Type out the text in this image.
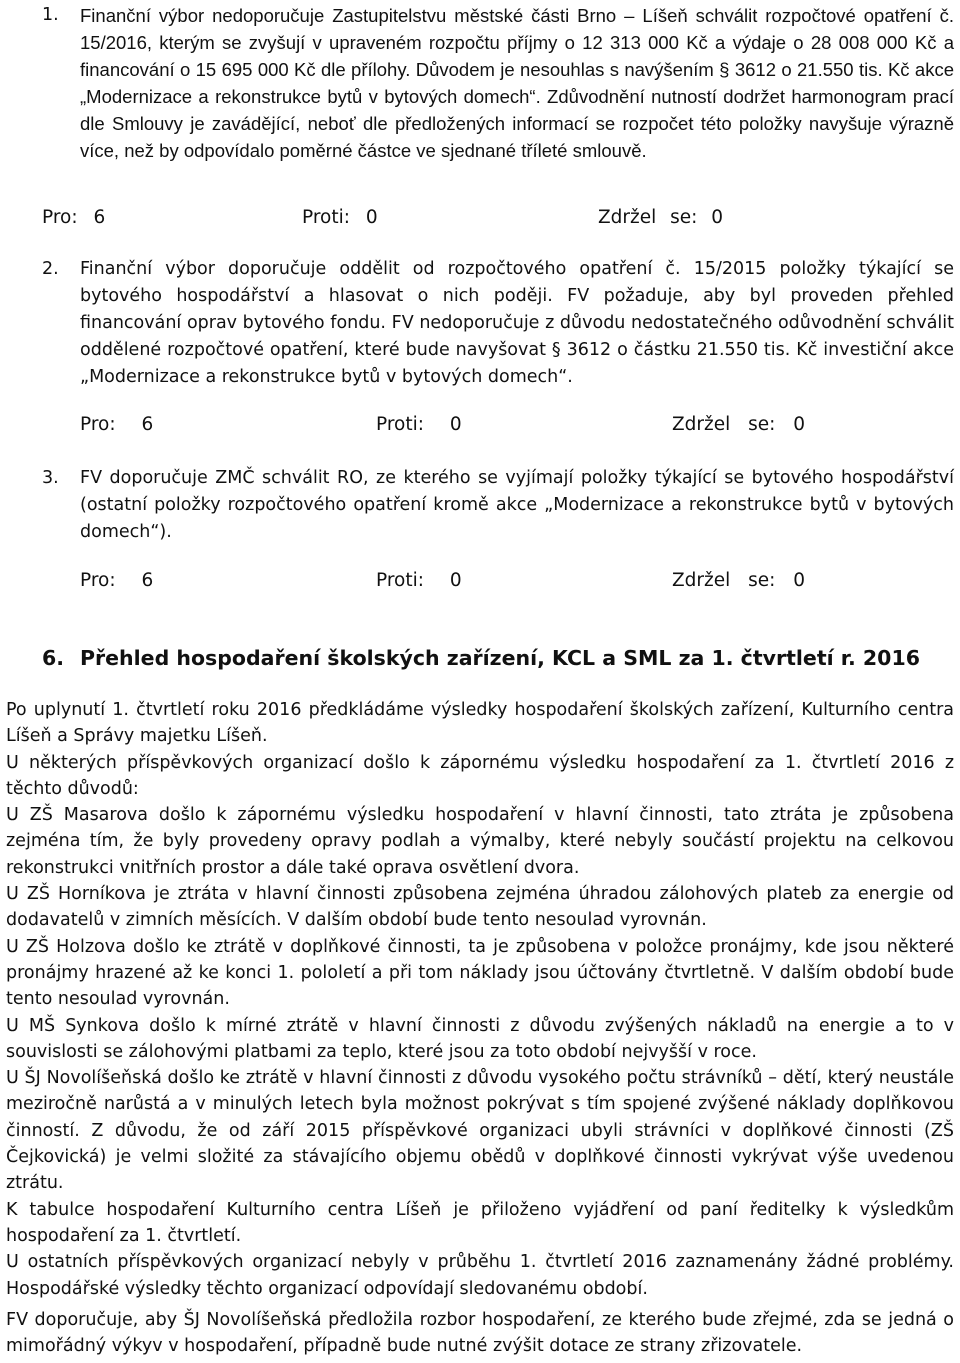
1. Finanční výbor nedoporučuje Zastupitelstvu městské části Brno – Líšeň schválit rozpočtové opatření č. 15/2016, kterým se zvyšují v upraveném rozpočtu příjmy o 12 313 000 Kč a výdaje o 28 008 000 Kč a financování o 15 695 000 Kč dle přílohy. Důvodem je nesouhlas s navýšením § 3612 o 21.550 tis. Kč akce „Modernizace a rekonstrukce bytů v bytových domech“. Zdůvodnění nutností dodržet harmonogram prací dle Smlouvy je zavádějící, neboť dle předložených informací se rozpočet této položky navyšuje výrazně více, než by odpovídalo poměrné částce ve sjednané tříleté smlouvě.
Pro: 6	Proti: 0	Zdržel se: 0
2. Finanční výbor doporučuje oddělit od rozpočtového opatření č. 15/2015 položky týkající se bytového hospodářství a hlasovat o nich poději. FV požaduje, aby byl proveden přehled financování oprav bytového fondu. FV nedoporučuje z důvodu nedostatečného odůvodnění schválit oddělené rozpočtové opatření, které bude navyšovat § 3612 o částku 21.550 tis. Kč investiční akce „Modernizace a rekonstrukce bytů v bytových domech“.
Pro: 6	Proti: 0	Zdržel se: 0
3. FV doporučuje ZMČ schválit RO, ze kterého se vyjímají položky týkající se bytového hospodářství (ostatní položky rozpočtového opatření kromě akce „Modernizace a rekonstrukce bytů v bytových domech“).
Pro: 6	Proti: 0	Zdržel se: 0
6. Přehled hospodaření školských zařízení, KCL a SML za 1. čtvrtletí r. 2016

Po uplynutí 1. čtvrtletí roku 2016 předkládáme výsledky hospodaření školských zařízení, Kulturního centra Líšeň a Správy majetku Líšeň.

U některých příspěvkových organizací došlo k zápornému výsledku hospodaření za 1. čtvrtletí 2016 z těchto důvodů:

U ZŠ Masarova došlo k zápornému výsledku hospodaření v hlavní činnosti, tato ztráta je způsobena zejména tím, že byly provedeny opravy podlah a výmalby, které nebyly součástí projektu na celkovou rekonstrukci vnitřních prostor a dále také oprava osvětlení dvora.

U ZŠ Horníkova je ztráta v hlavní činnosti způsobena zejména úhradou zálohových plateb za energie od dodavatelů v zimních měsících. V dalším období bude tento nesoulad vyrovnán.

U ZŠ Holzova došlo ke ztrátě v doplňkové činnosti, ta je způsobena v položce pronájmy, kde jsou některé pronájmy hrazené až ke konci 1. pololetí a při tom náklady jsou účtovány čtvrtletně. V dalším období bude tento nesoulad vyrovnán.

U MŠ Synkova došlo k mírné ztrátě v hlavní činnosti z důvodu zvýšených nákladů na energie a to v souvislosti se zálohovými platbami za teplo, které jsou za toto období nejvyšší v roce.

U ŠJ Novolíšeňská došlo ke ztrátě v hlavní činnosti z důvodu vysokého počtu strávníků – dětí, který neustále meziročně narůstá a v minulých letech byla možnost pokrývat s tím spojené zvýšené náklady doplňkovou činností. Z důvodu, že od září 2015 příspěvkové organizaci ubyli strávníci v doplňkové činnosti (ZŠ Čejkovická) je velmi složité za stávajícího objemu obědů v doplňkové činnosti vykrývat výše uvedenou ztrátu.

K tabulce hospodaření Kulturního centra Líšeň je přiloženo vyjádření od paní ředitelky k výsledkům hospodaření za 1. čtvrtletí.

U ostatních příspěvkových organizací nebyly v průběhu 1. čtvrtletí 2016 zaznamenány žádné problémy. Hospodářské výsledky těchto organizací odpovídají sledovanému období.

FV doporučuje, aby ŠJ Novolíšeňská předložila rozbor hospodaření, ze kterého bude zřejmé, zda se jedná o mimořádný výkyv v hospodaření, případně bude nutné zvýšit dotace ze strany zřizovatele.
